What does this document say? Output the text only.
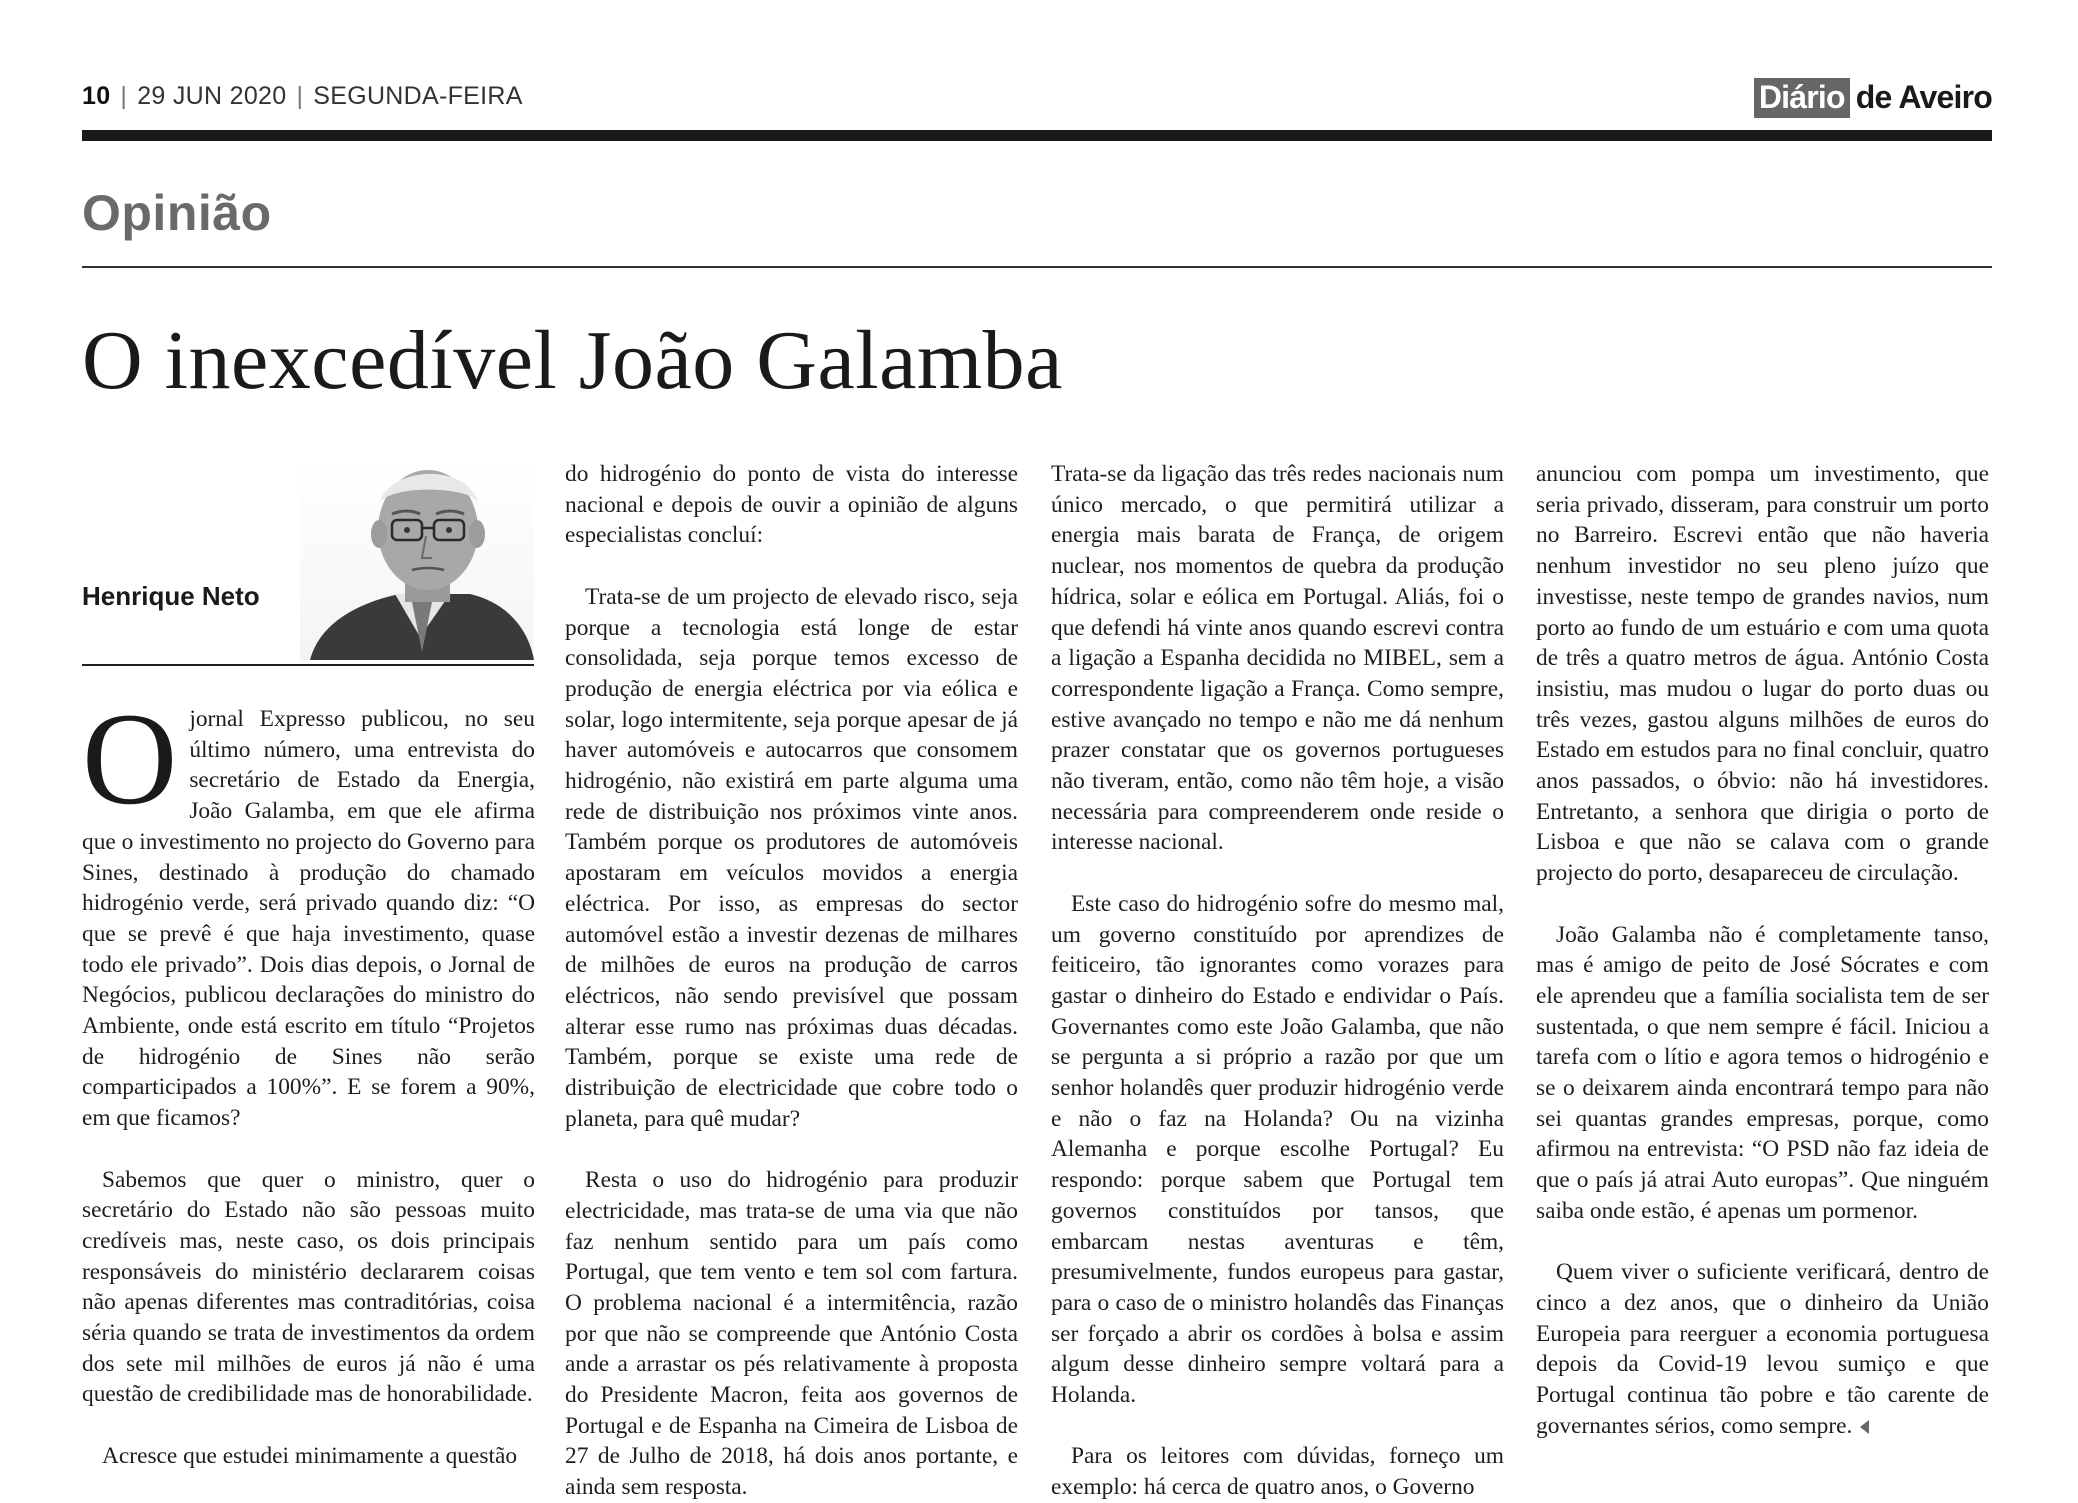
10 | 29 JUN 2020 | SEGUNDA-FEIRA	Diário de Aveiro
Opinião
O inexcedível João Galamba
Henrique Neto

Ojornal Expresso publicou, no seu último número, uma entrevista do secretário de Estado da Energia, João Galamba, em que ele afirma que o investimento no projecto do Governo para Sines, destinado à produção do chamado hidrogénio verde, será privado quando diz: “O que se prevê é que haja investimento, quase todo ele privado”. Dois dias depois, o Jornal de Negócios, publicou declarações do ministro do Ambiente, onde está escrito em título “Projetos de hidrogénio de Sines não serão comparticipados a 100%”. E se forem a 90%, em que ficamos?

Sabemos que quer o ministro, quer o secretário do Estado não são pessoas muito credíveis mas, neste caso, os dois principais responsáveis do ministério declararem coisas não apenas diferentes mas contraditórias, coisa séria quando se trata de investimentos da ordem dos sete mil milhões de euros já não é uma questão de credibilidade mas de honorabilidade.

Acresce que estudei minimamente a questão

do hidrogénio do ponto de vista do interesse nacional e depois de ouvir a opinião de alguns especialistas concluí:

Trata-se de um projecto de elevado risco, seja porque a tecnologia está longe de estar consolidada, seja porque temos excesso de produção de energia eléctrica por via eólica e solar, logo intermitente, seja porque apesar de já haver automóveis e autocarros que consomem hidrogénio, não existirá em parte alguma uma rede de distribuição nos próximos vinte anos. Também porque os produtores de automóveis apostaram em veículos movidos a energia eléctrica. Por isso, as empresas do sector automóvel estão a investir dezenas de milhares de milhões de euros na produção de carros eléctricos, não sendo previsível que possam alterar esse rumo nas próximas duas décadas. Também, porque se existe uma rede de distribuição de electricidade que cobre todo o planeta, para quê mudar?

Resta o uso do hidrogénio para produzir electricidade, mas trata-se de uma via que não faz nenhum sentido para um país como Portugal, que tem vento e tem sol com fartura. O problema nacional é a intermitência, razão por que não se compreende que António Costa ande a arrastar os pés relativamente à proposta do Presidente Macron, feita aos governos de Portugal e de Espanha na Cimeira de Lisboa de 27 de Julho de 2018, há dois anos portante, e ainda sem resposta.

Trata-se da ligação das três redes nacionais num único mercado, o que permitirá utilizar a energia mais barata de França, de origem nuclear, nos momentos de quebra da produção hídrica, solar e eólica em Portugal. Aliás, foi o que defendi há vinte anos quando escrevi contra a ligação a Espanha decidida no MIBEL, sem a correspondente ligação a França. Como sempre, estive avançado no tempo e não me dá nenhum prazer constatar que os governos portugueses não tiveram, então, como não têm hoje, a visão necessária para compreenderem onde reside o interesse nacional.

Este caso do hidrogénio sofre do mesmo mal, um governo constituído por aprendizes de feiticeiro, tão ignorantes como vorazes para gastar o dinheiro do Estado e endividar o País. Governantes como este João Galamba, que não se pergunta a si próprio a razão por que um senhor holandês quer produzir hidrogénio verde e não o faz na Holanda? Ou na vizinha Alemanha e porque escolhe Portugal? Eu respondo: porque sabem que Portugal tem governos constituídos por tansos, que embarcam nestas aventuras e têm, presumivelmente, fundos europeus para gastar, para o caso de o ministro holandês das Finanças ser forçado a abrir os cordões à bolsa e assim algum desse dinheiro sempre voltará para a Holanda.

Para os leitores com dúvidas, forneço um exemplo: há cerca de quatro anos, o Governo

anunciou com pompa um investimento, que seria privado, disseram, para construir um porto no Barreiro. Escrevi então que não haveria nenhum investidor no seu pleno juízo que investisse, neste tempo de grandes navios, num porto ao fundo de um estuário e com uma quota de três a quatro metros de água. António Costa insistiu, mas mudou o lugar do porto duas ou três vezes, gastou alguns milhões de euros do Estado em estudos para no final concluir, quatro anos passados, o óbvio: não há investidores. Entretanto, a senhora que dirigia o porto de Lisboa e que não se calava com o grande projecto do porto, desapareceu de circulação.

João Galamba não é completamente tanso, mas é amigo de peito de José Sócrates e com ele aprendeu que a família socialista tem de ser sustentada, o que nem sempre é fácil. Iniciou a tarefa com o lítio e agora temos o hidrogénio e se o deixarem ainda encontrará tempo para não sei quantas grandes empresas, porque, como afirmou na entrevista: “O PSD não faz ideia de que o país já atrai Auto europas”. Que ninguém saiba onde estão, é apenas um pormenor.

Quem viver o suficiente verificará, dentro de cinco a dez anos, que o dinheiro da União Europeia para reerguer a economia portuguesa depois da Covid-19 levou sumiço e que Portugal continua tão pobre e tão carente de governantes sérios, como sempre.
